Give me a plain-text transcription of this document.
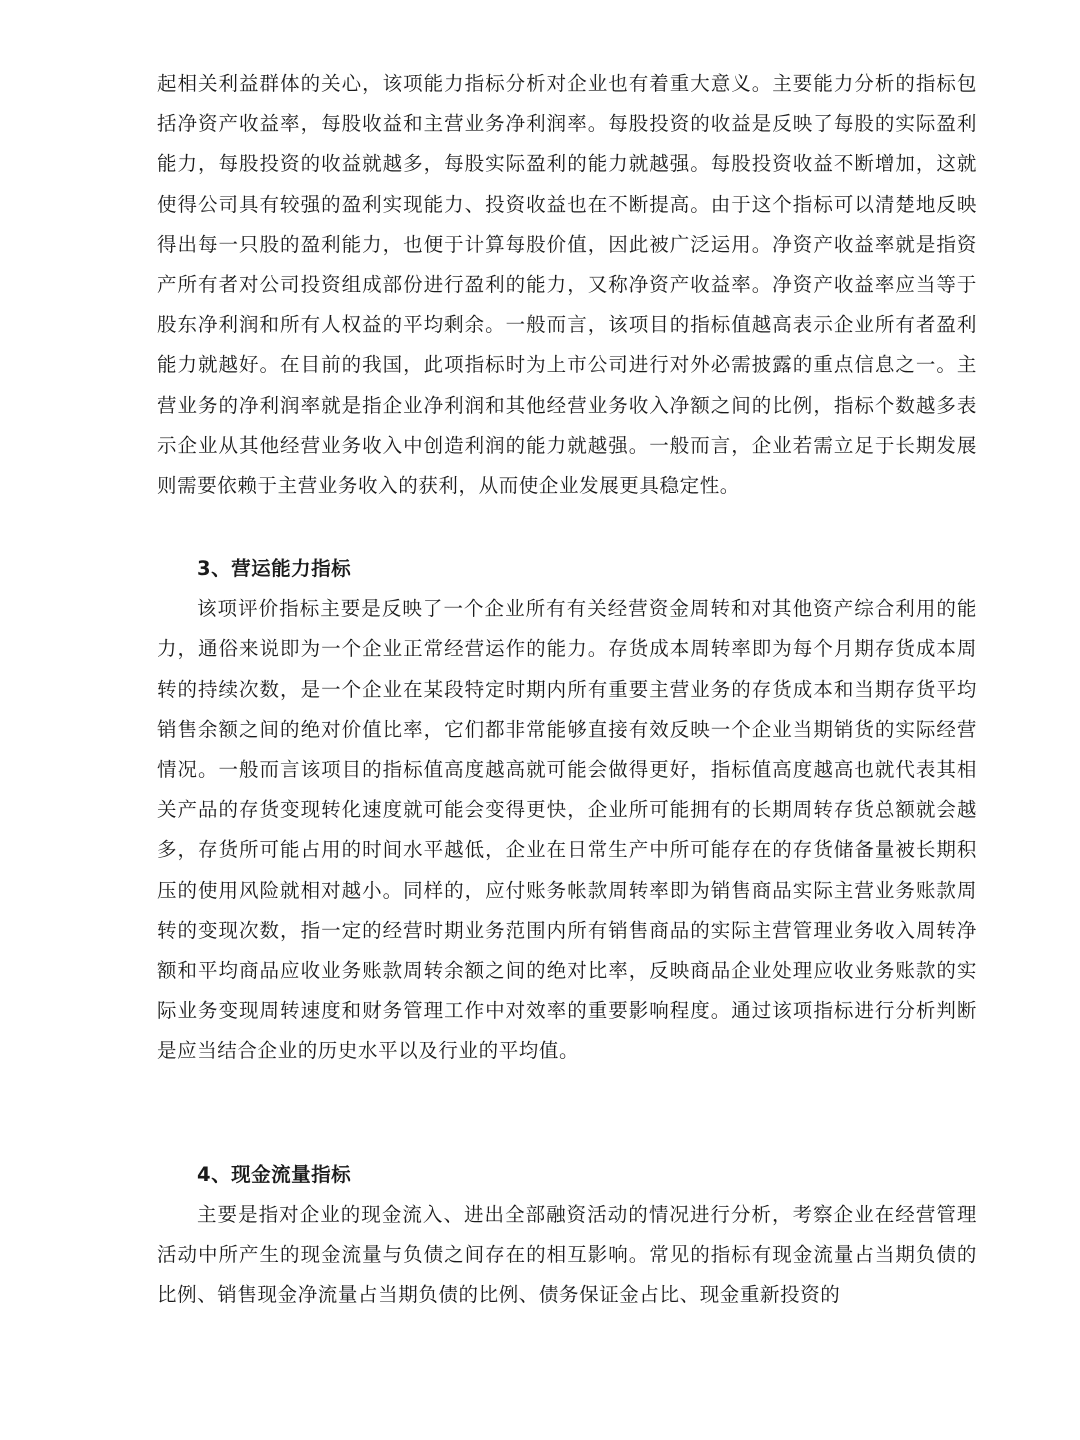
起相关利益群体的关心，该项能力指标分析对企业也有着重大意义。主要能力分析的指标包括净资产收益率，每股收益和主营业务净利润率。每股投资的收益是反映了每股的实际盈利能力，每股投资的收益就越多，每股实际盈利的能力就越强。每股投资收益不断增加，这就使得公司具有较强的盈利实现能力、投资收益也在不断提高。由于这个指标可以清楚地反映得出每一只股的盈利能力，也便于计算每股价值，因此被广泛运用。净资产收益率就是指资产所有者对公司投资组成部份进行盈利的能力，又称净资产收益率。净资产收益率应当等于股东净利润和所有人权益的平均剩余。一般而言，该项目的指标值越高表示企业所有者盈利能力就越好。在目前的我国，此项指标时为上市公司进行对外必需披露的重点信息之一。主营业务的净利润率就是指企业净利润和其他经营业务收入净额之间的比例，指标个数越多表示企业从其他经营业务收入中创造利润的能力就越强。一般而言，企业若需立足于长期发展则需要依赖于主营业务收入的获利，从而使企业发展更具稳定性。

3、营运能力指标

该项评价指标主要是反映了一个企业所有有关经营资金周转和对其他资产综合利用的能力，通俗来说即为一个企业正常经营运作的能力。存货成本周转率即为每个月期存货成本周转的持续次数，是一个企业在某段特定时期内所有重要主营业务的存货成本和当期存货平均销售余额之间的绝对价值比率，它们都非常能够直接有效反映一个企业当期销货的实际经营情况。一般而言该项目的指标值高度越高就可能会做得更好，指标值高度越高也就代表其相关产品的存货变现转化速度就可能会变得更快，企业所可能拥有的长期周转存货总额就会越多，存货所可能占用的时间水平越低，企业在日常生产中所可能存在的存货储备量被长期积压的使用风险就相对越小。同样的，应付账务帐款周转率即为销售商品实际主营业务账款周转的变现次数，指一定的经营时期业务范围内所有销售商品的实际主营管理业务收入周转净额和平均商品应收业务账款周转余额之间的绝对比率，反映商品企业处理应收业务账款的实际业务变现周转速度和财务管理工作中对效率的重要影响程度。通过该项指标进行分析判断是应当结合企业的历史水平以及行业的平均值。

4、现金流量指标

主要是指对企业的现金流入、进出全部融资活动的情况进行分析，考察企业在经营管理活动中所产生的现金流量与负债之间存在的相互影响。常见的指标有现金流量占当期负债的比例、销售现金净流量占当期负债的比例、债务保证金占比、现金重新投资的
